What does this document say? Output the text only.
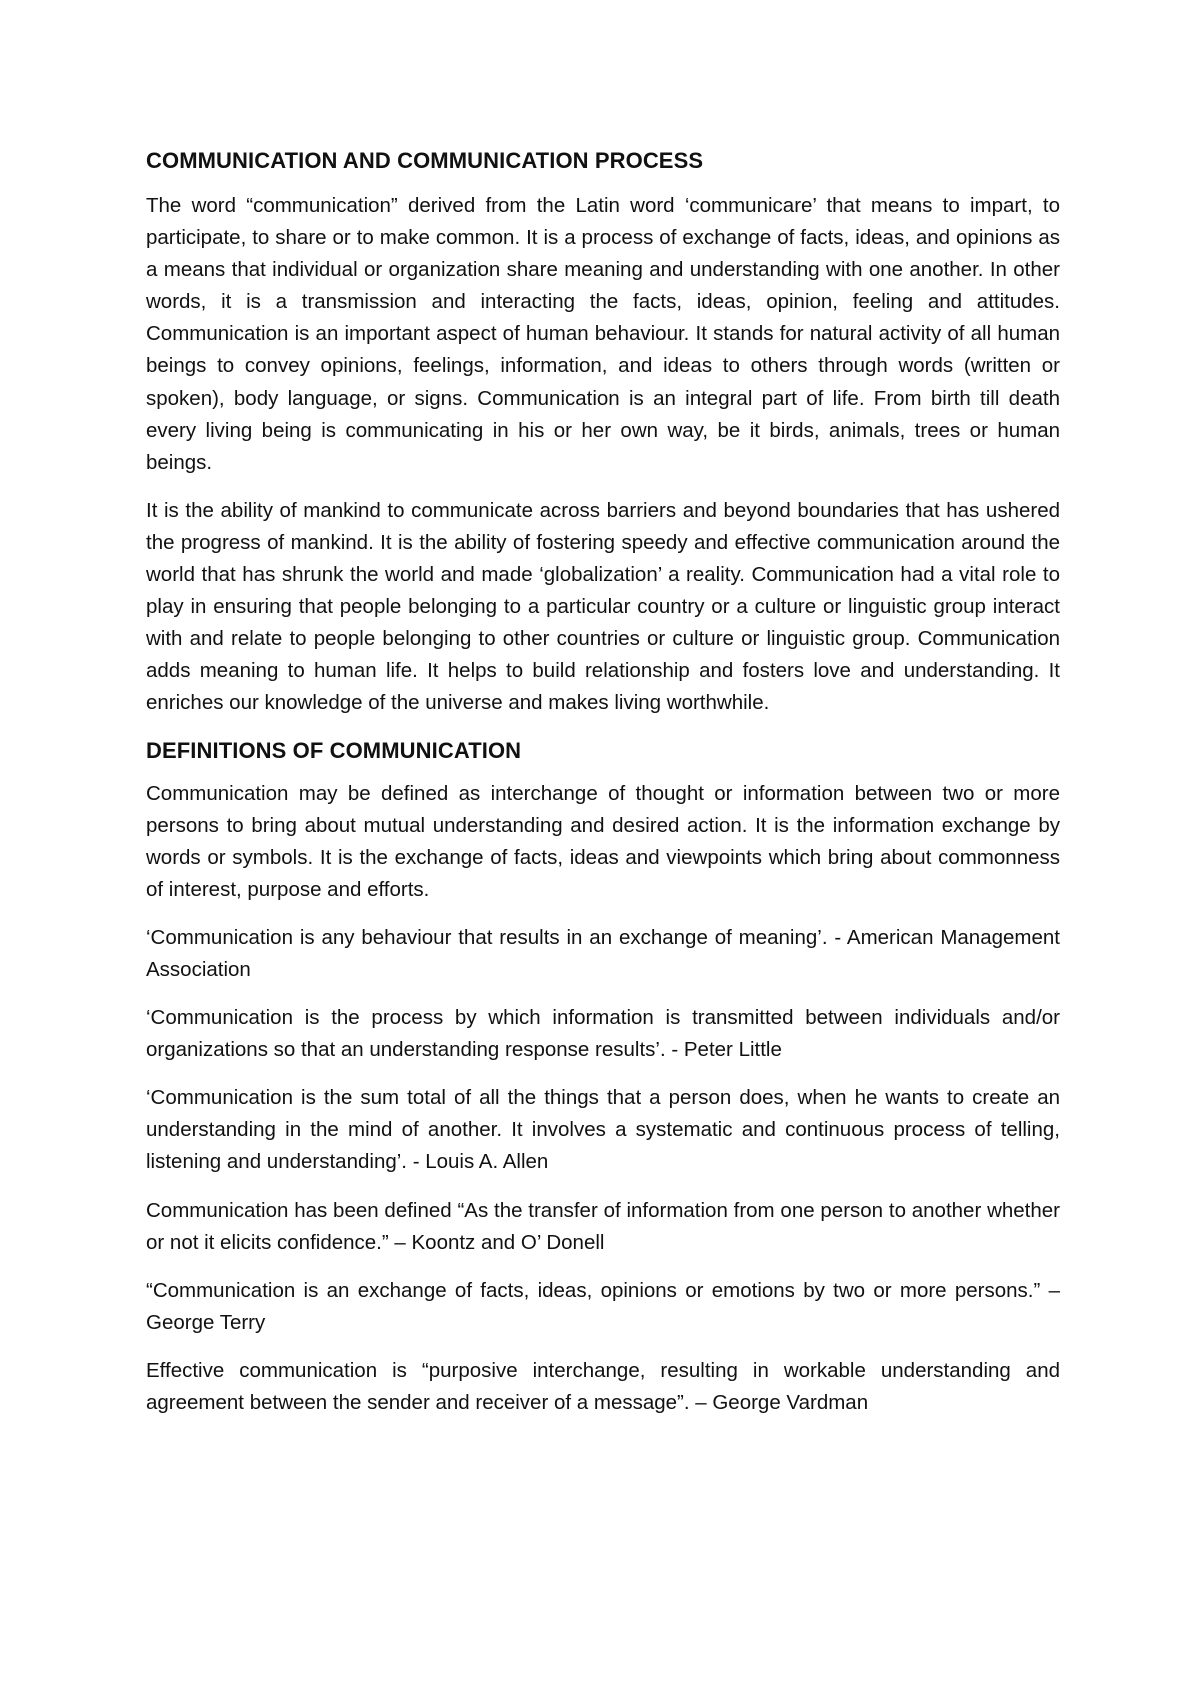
COMMUNICATION AND COMMUNICATION PROCESS

The word “communication” derived from the Latin word ‘communicare’ that means to impart, to participate, to share or to make common. It is a process of exchange of facts, ideas, and opinions as a means that individual or organization share meaning and understanding with one another. In other words, it is a transmission and interacting the facts, ideas, opinion, feeling and attitudes. Communication is an important aspect of human behaviour. It stands for natural activity of all human beings to convey opinions, feelings, information, and ideas to others through words (written or spoken), body language, or signs. Communication is an integral part of life. From birth till death every living being is communicating in his or her own way, be it birds, animals, trees or human beings.

It is the ability of mankind to communicate across barriers and beyond boundaries that has ushered the progress of mankind. It is the ability of fostering speedy and effective communication around the world that has shrunk the world and made ‘globalization’ a reality. Communication had a vital role to play in ensuring that people belonging to a particular country or a culture or linguistic group interact with and relate to people belonging to other countries or culture or linguistic group. Communication adds meaning to human life. It helps to build relationship and fosters love and understanding. It enriches our knowledge of the universe and makes living worthwhile.

DEFINITIONS OF COMMUNICATION

Communication may be defined as interchange of thought or information between two or more persons to bring about mutual understanding and desired action. It is the information exchange by words or symbols. It is the exchange of facts, ideas and viewpoints which bring about commonness of interest, purpose and efforts.

‘Communication is any behaviour that results in an exchange of meaning’. - American Management Association

‘Communication is the process by which information is transmitted between individuals and/or organizations so that an understanding response results’. - Peter Little

‘Communication is the sum total of all the things that a person does, when he wants to create an understanding in the mind of another. It involves a systematic and continuous process of telling, listening and understanding’. - Louis A. Allen

Communication has been defined “As the transfer of information from one person to another whether or not it elicits confidence.” – Koontz and O’ Donell

“Communication is an exchange of facts, ideas, opinions or emotions by two or more persons.” – George Terry

Effective communication is “purposive interchange, resulting in workable understanding and agreement between the sender and receiver of a message”. – George Vardman
